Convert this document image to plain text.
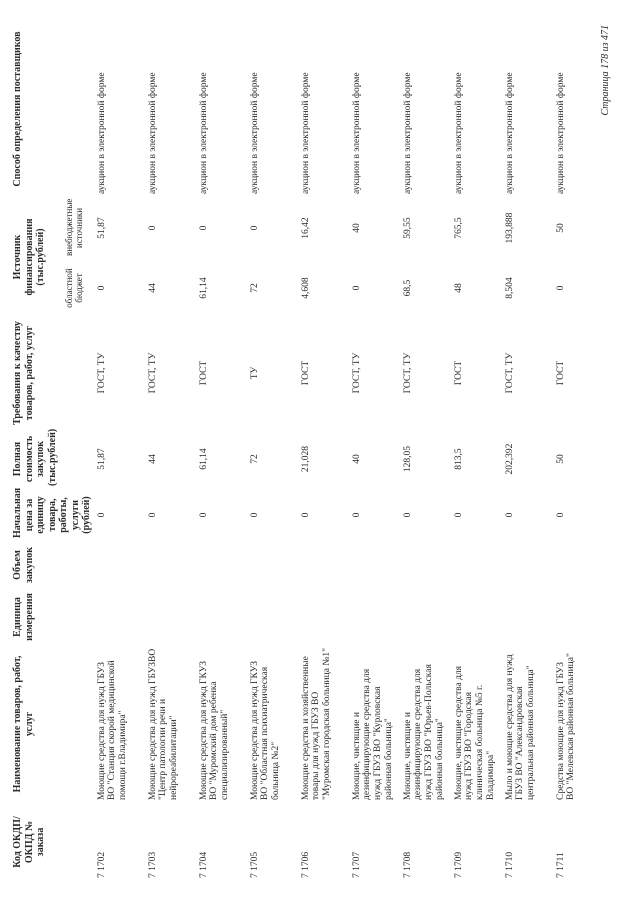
Код ОКДП/ ОКПД № заказа	Наименование товаров, работ, услуг	Единица измерения	Объем закупок	Начальная цена за единицу товара, работы, услуги (рублей)	Полная стоимость закупок (тыс.рублей)	Требования к качеству товаров, работ, услуг	Источник финансирования (тыс.рублей)		Способ определения поставщиков
							областной бюджет	внебюджетные источники	
7 1702	Моющие средства для нужд ГБУЗ ВО "Станция скорой медицинской помощи г.Владимира"			0	51,87	ГОСТ, ТУ	0	51,87	аукцион в электронной форме
7 1703	Моющие средства для нужд ГБУЗВО "Центр патологии речи и нейрореабилитации"			0	44	ГОСТ, ТУ	44	0	аукцион в электронной форме
7 1704	Моющие средства для нужд ГКУЗ ВО "Муромский дом ребенка специализированный"			0	61,14	ГОСТ	61,14	0	аукцион в электронной форме
7 1705	Моющие средства для нужд ГКУЗ ВО "Областная психиатрическая больница №2"			0	72	ТУ	72	0	аукцион в электронной форме
7 1706	Моющие средства и хозяйственные товары для нужд ГБУЗ ВО "Муромская городская больница №1"			0	21,028	ГОСТ	4,608	16,42	аукцион в электронной форме
7 1707	Моющие, чистящие и дезинфицирующие средства для нужд ГБУЗ ВО "Курловская районная больница"			0	40	ГОСТ, ТУ	0	40	аукцион в электронной форме
7 1708	Моющие, чистящие и дезинфицирующие средства для нужд ГБУЗ ВО "Юрьев-Польская районная больница"			0	128,05	ГОСТ, ТУ	68,5	59,55	аукцион в электронной форме
7 1709	Моющие, чистящие средства для нужд ГБУЗ ВО "Городская клиническая больница №5 г. Владимира"			0	813,5	ГОСТ	48	765,5	аукцион в электронной форме
7 1710	Мыло и моющие средства для нужд ГБУЗ ВО "Александровская центральная районная больница"			0	202,392	ГОСТ, ТУ	8,504	193,888	аукцион в электронной форме
7 1711	Средства моющие для нужд ГБУЗ ВО "Мелевская районная больница"			0	50	ГОСТ	0	50	аукцион в электронной форме
Страница 178 из 471
